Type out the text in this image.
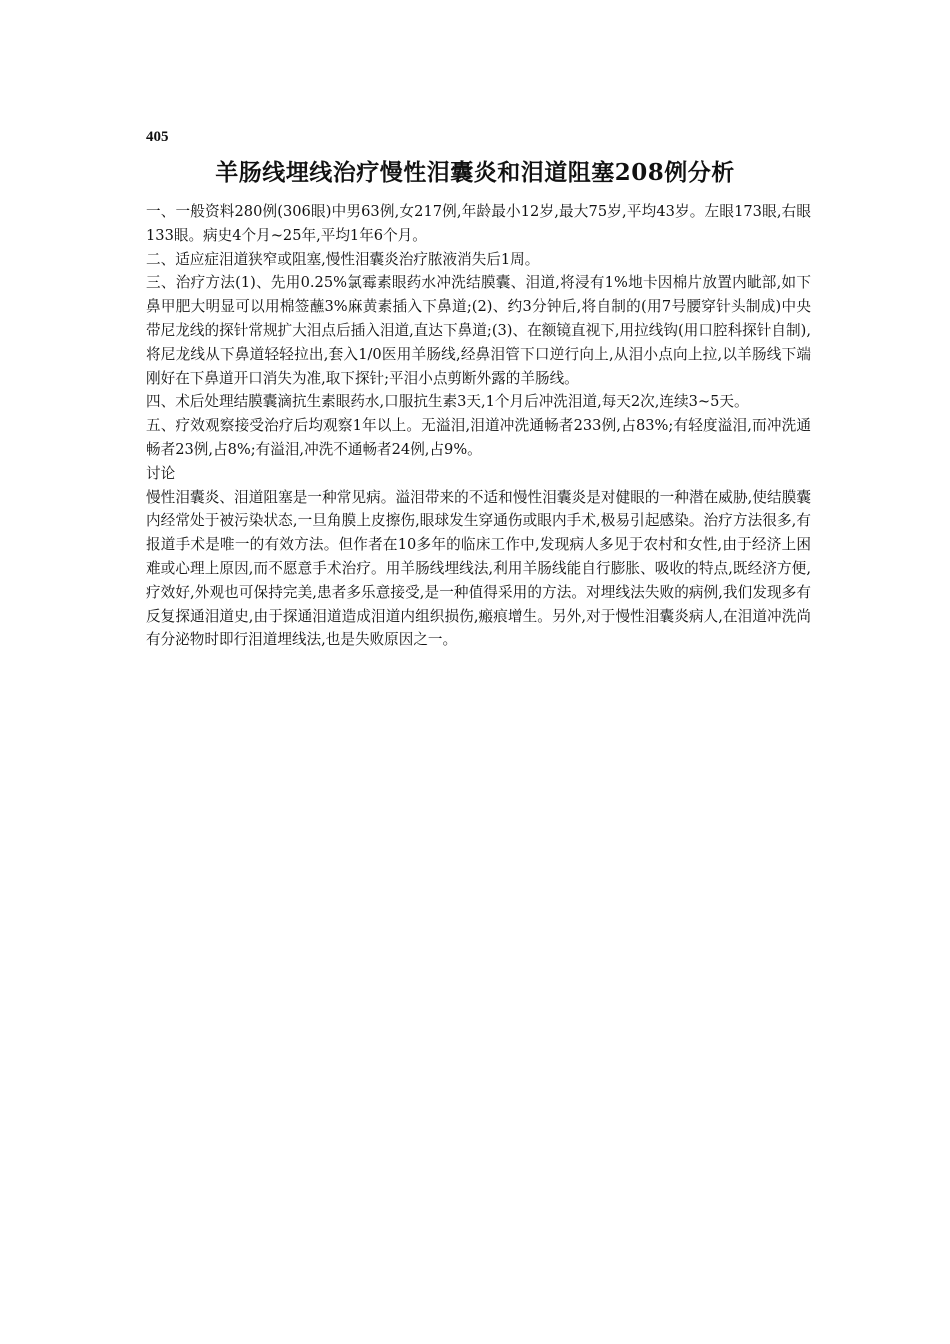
405
羊肠线埋线治疗慢性泪囊炎和泪道阻塞208例分析

一、一般资料280例(306眼)中男63例,女217例,年龄最小12岁,最大75岁,平均43岁。左眼173眼,右眼133眼。病史4个月~25年,平均1年6个月。

二、适应症泪道狭窄或阻塞,慢性泪囊炎治疗脓液消失后1周。

三、治疗方法(1)、先用0.25%氯霉素眼药水冲洗结膜囊、泪道,将浸有1%地卡因棉片放置内眦部,如下鼻甲肥大明显可以用棉签蘸3%麻黄素插入下鼻道;(2)、约3分钟后,将自制的(用7号腰穿针头制成)中央带尼龙线的探针常规扩大泪点后插入泪道,直达下鼻道;(3)、在额镜直视下,用拉线钩(用口腔科探针自制),将尼龙线从下鼻道轻轻拉出,套入1/0医用羊肠线,经鼻泪管下口逆行向上,从泪小点向上拉,以羊肠线下端刚好在下鼻道开口消失为准,取下探针;平泪小点剪断外露的羊肠线。

四、术后处理结膜囊滴抗生素眼药水,口服抗生素3天,1个月后冲洗泪道,每天2次,连续3~5天。

五、疗效观察接受治疗后均观察1年以上。无溢泪,泪道冲洗通畅者233例,占83%;有轻度溢泪,而冲洗通畅者23例,占8%;有溢泪,冲洗不通畅者24例,占9%。

讨论

慢性泪囊炎、泪道阻塞是一种常见病。溢泪带来的不适和慢性泪囊炎是对健眼的一种潜在威胁,使结膜囊内经常处于被污染状态,一旦角膜上皮擦伤,眼球发生穿通伤或眼内手术,极易引起感染。治疗方法很多,有报道手术是唯一的有效方法。但作者在10多年的临床工作中,发现病人多见于农村和女性,由于经济上困难或心理上原因,而不愿意手术治疗。用羊肠线埋线法,利用羊肠线能自行膨胀、吸收的特点,既经济方便,疗效好,外观也可保持完美,患者多乐意接受,是一种值得采用的方法。对埋线法失败的病例,我们发现多有反复探通泪道史,由于探通泪道造成泪道内组织损伤,瘢痕增生。另外,对于慢性泪囊炎病人,在泪道冲洗尚有分泌物时即行泪道埋线法,也是失败原因之一。
